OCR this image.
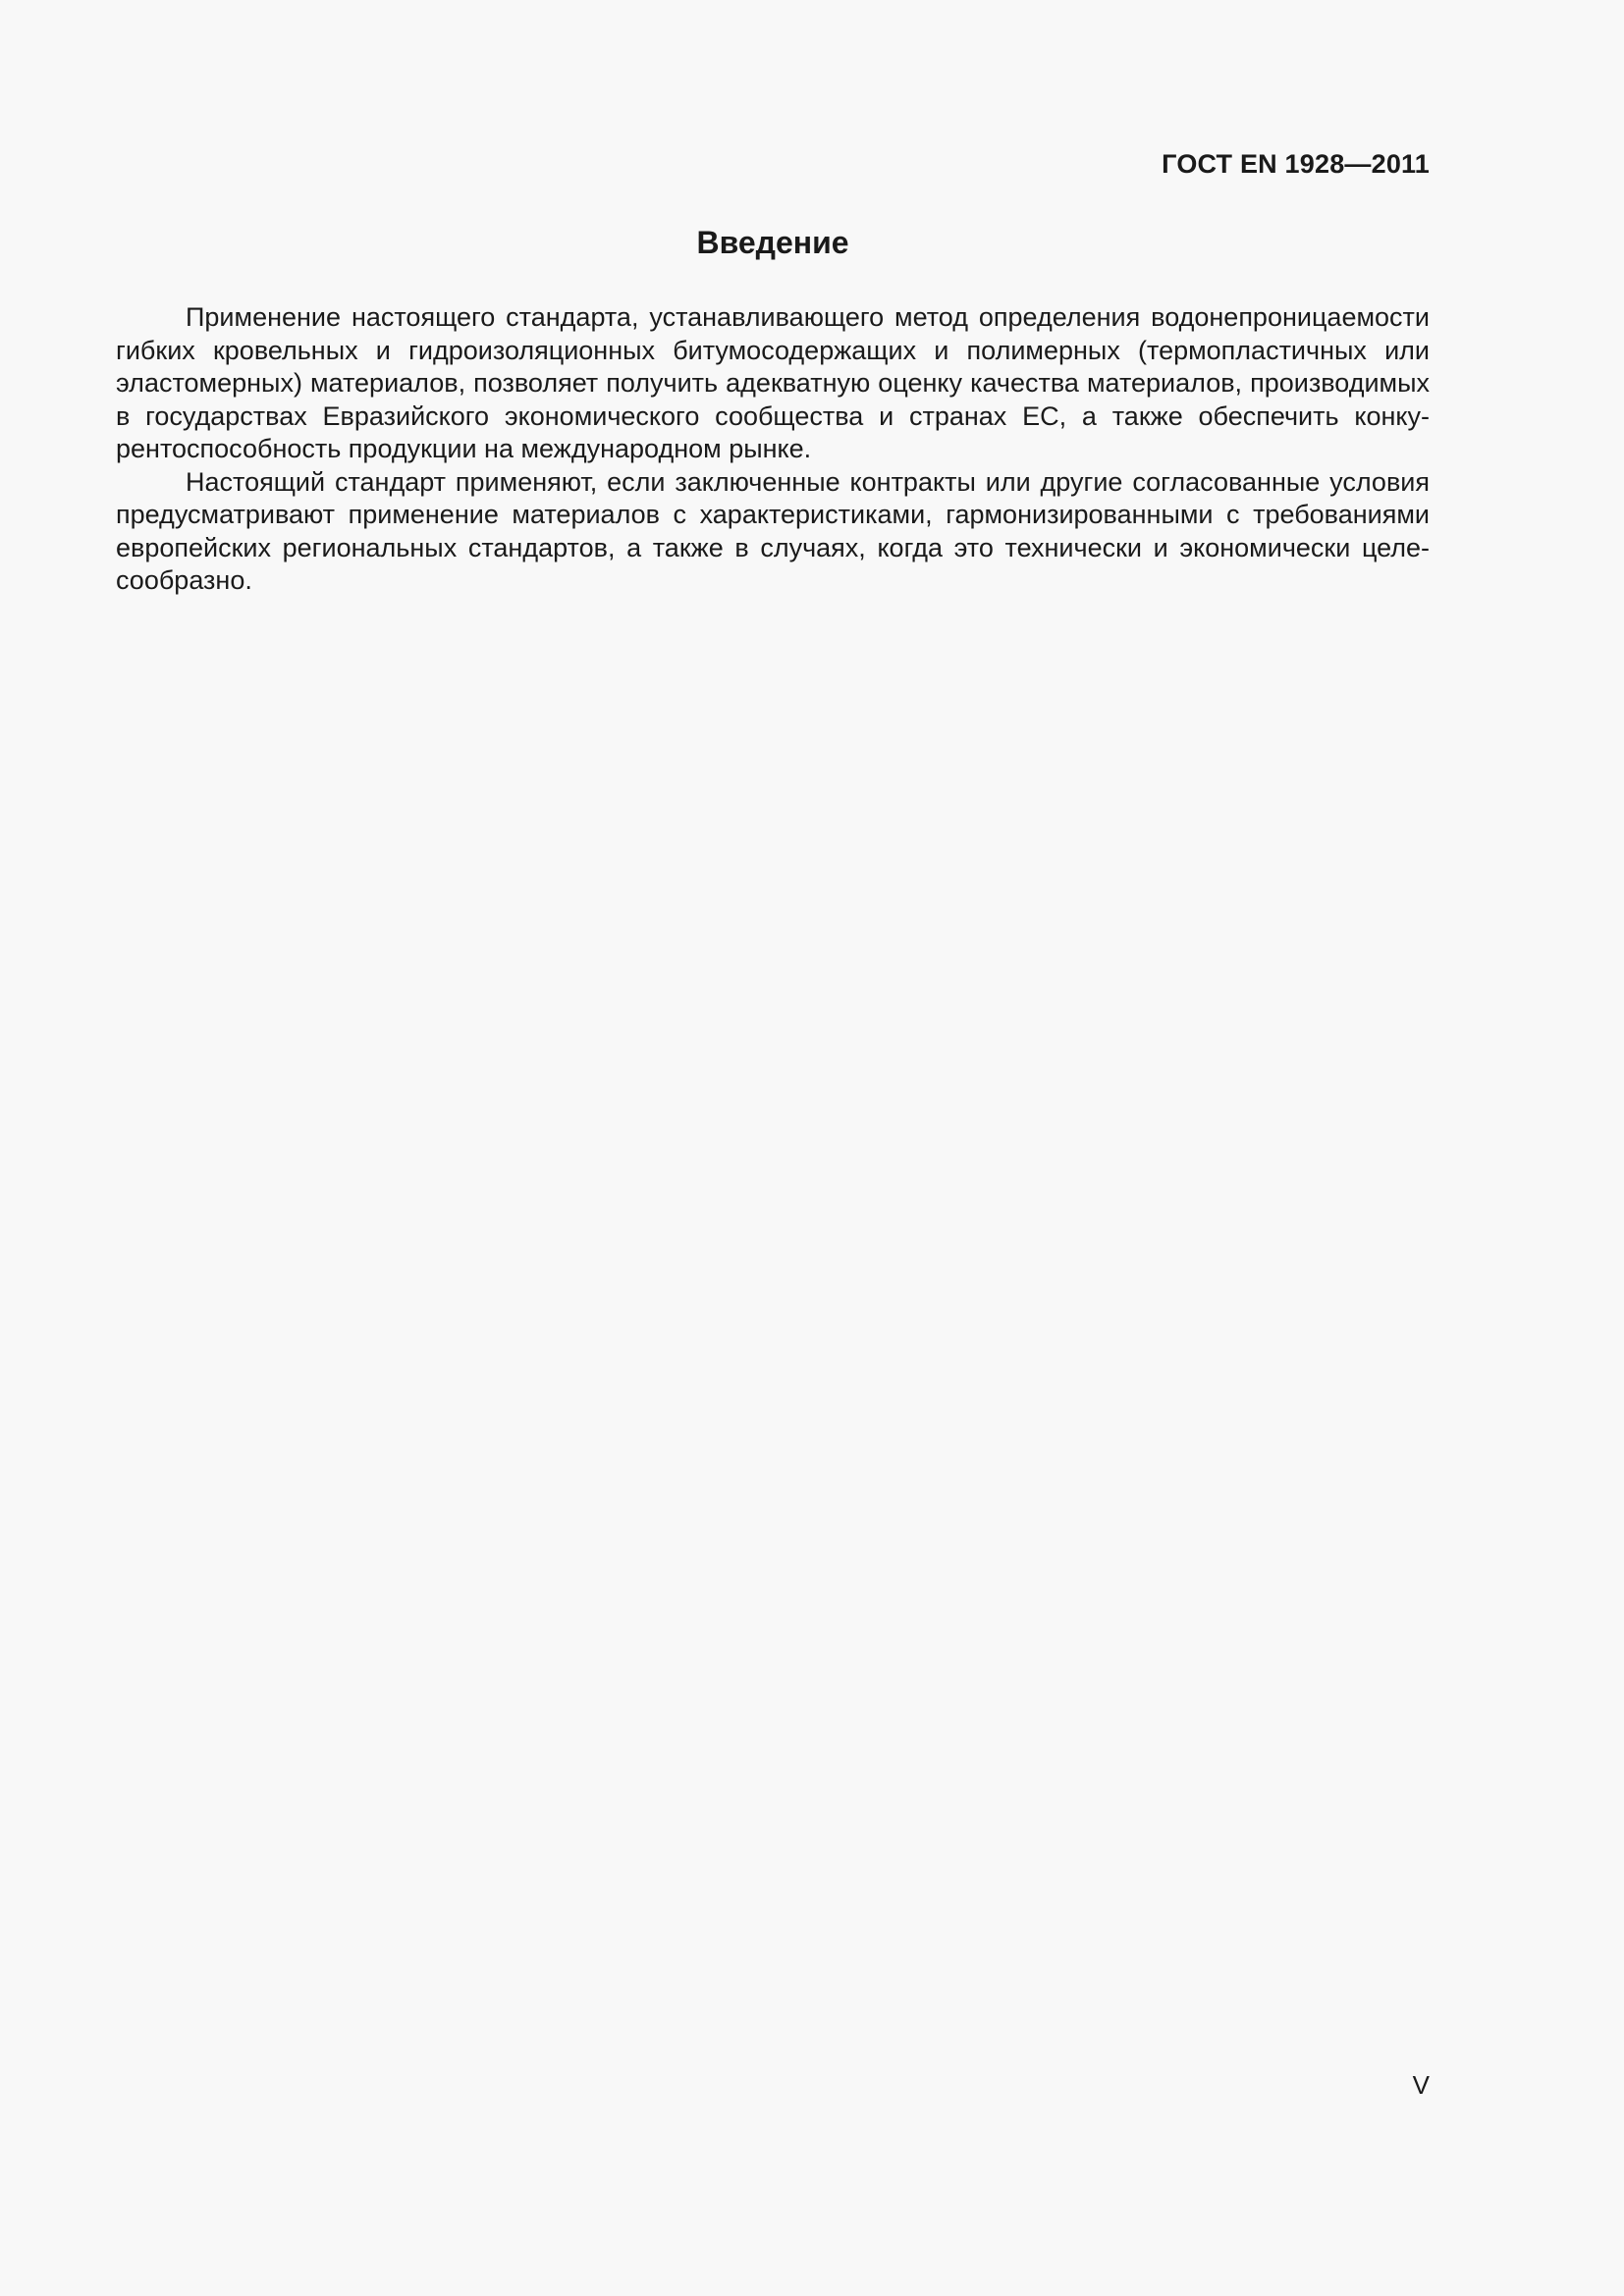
ГОСТ EN 1928—2011

Введение

Применение настоящего стандарта, устанавливающего метод определения водонепроницаемости гибких кровельных и гидроизоляционных битумосодержащих и полимерных (термопластичных или эластомерных) материалов, позволяет получить адекватную оценку качества материалов, производимых в государствах Евразийского экономического сообщества и странах ЕС, а также обеспечить конкурентоспособность продукции на международном рынке.

Настоящий стандарт применяют, если заключенные контракты или другие согласованные условия предусматривают применение материалов с характеристиками, гармонизированными с требованиями европейских региональных стандартов, а также в случаях, когда это технически и экономически целесообразно.

V
